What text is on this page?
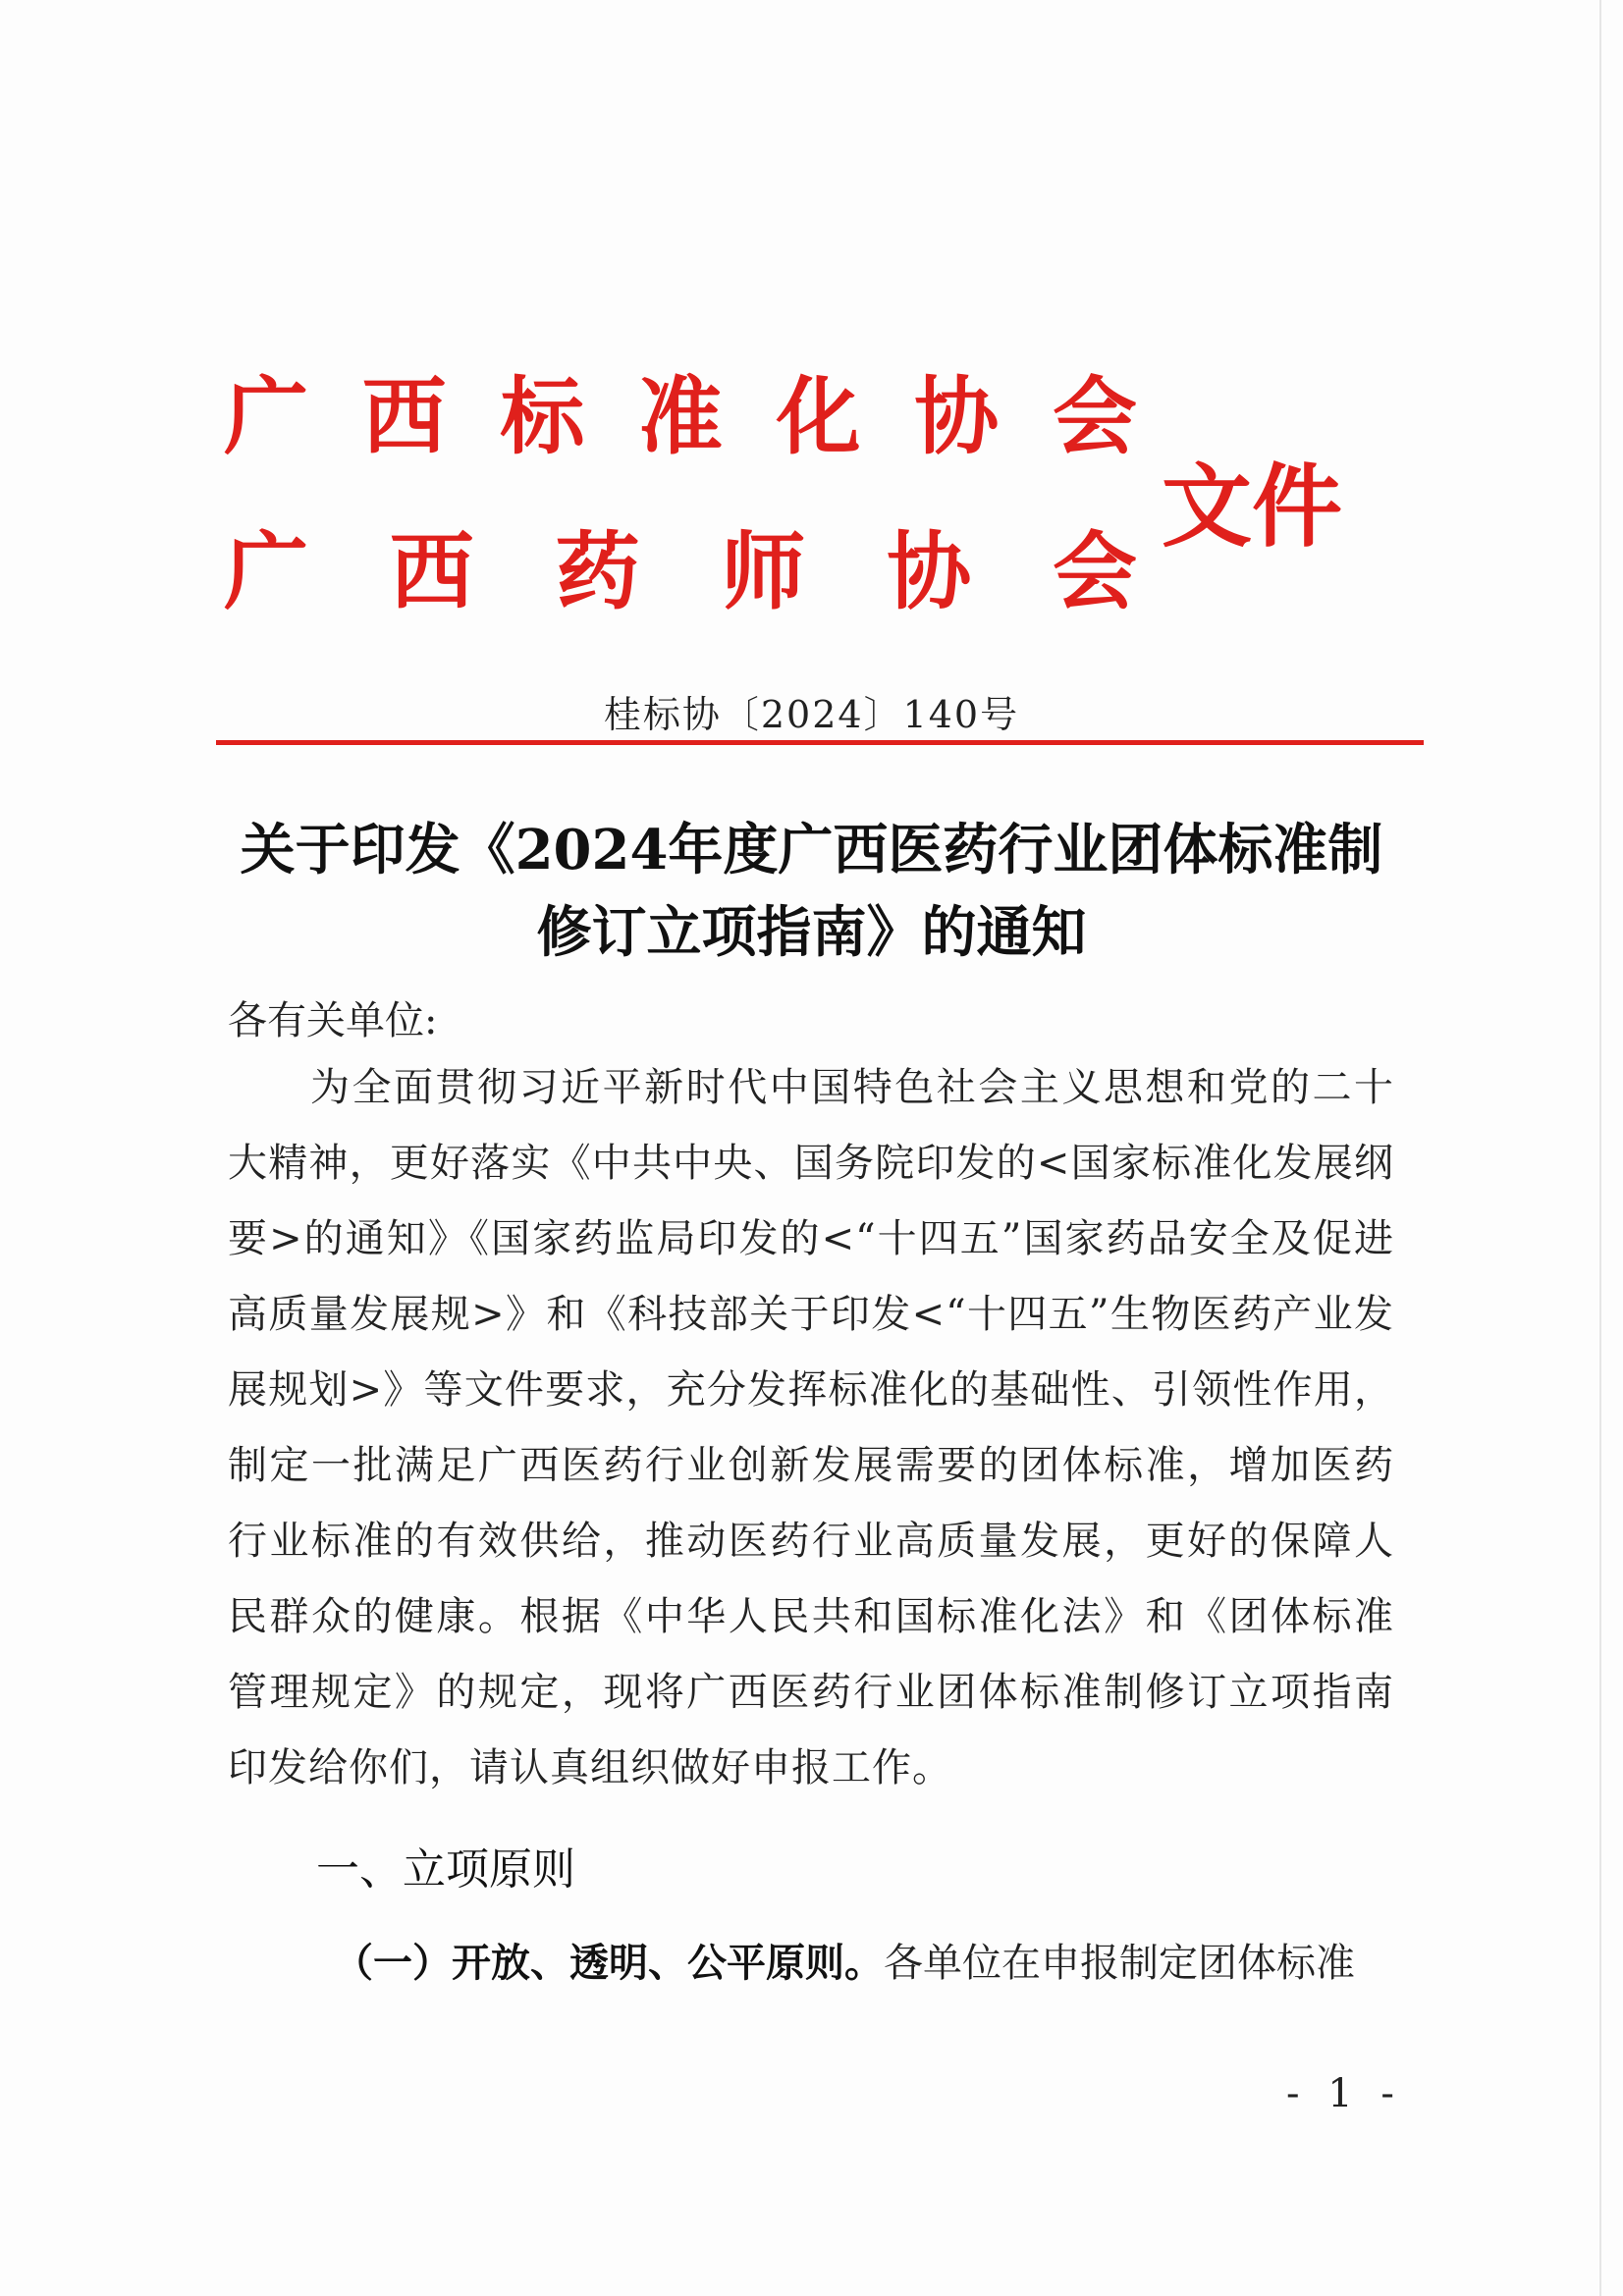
广 西 标 准 化 协 会
广 西 药 师 协 会
文件
桂标协〔2024〕140号
关于印发《2024年度广西医药行业团体标准制
修订立项指南》的通知
各有关单位:
为全面贯彻习近平新时代中国特色社会主义思想和党的二十大精神，更好落实《中共中央、国务院印发的<国家标准化发展纲要>的通知》《国家药监局印发的<“十四五”国家药品安全及促进高质量发展规>》和《科技部关于印发<“十四五”生物医药产业发展规划>》等文件要求，充分发挥标准化的基础性、引领性作用，制定一批满足广西医药行业创新发展需要的团体标准，增加医药行业标准的有效供给，推动医药行业高质量发展，更好的保障人民群众的健康。根据《中华人民共和国标准化法》和《团体标准管理规定》的规定，现将广西医药行业团体标准制修订立项指南印发给你们，请认真组织做好申报工作。
一、立项原则
（一）开放、透明、公平原则。各单位在申报制定团体标准
- 1 -
